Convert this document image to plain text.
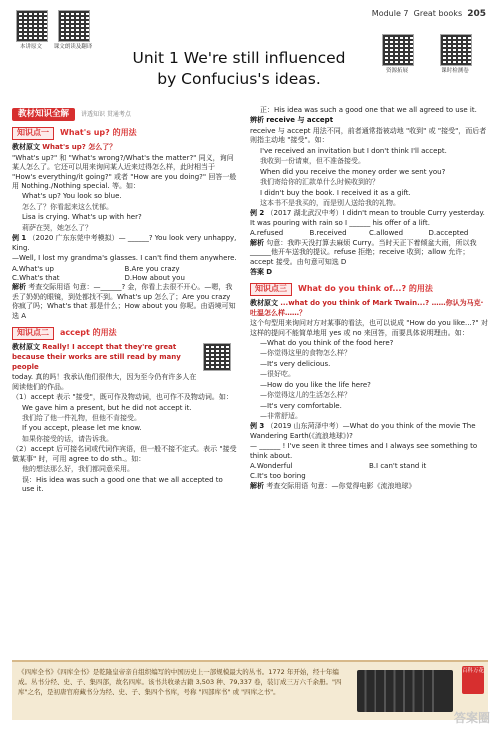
本讲原文	课文朗读及翻译
Module 7 Great books 205
资源拓展	课时检测卷
Unit 1 We're still influenced
by Confucius's ideas.
教材知识全解	讲透知识 贯通考点
知识点一	What's up? 的用法

教材原文 What's up? 怎么了？

"What's up?" 和 "What's wrong?/What's the matter?" 同义，询问某人怎么了。它还可以用来询问某人近来过得怎么样，此时相当于 "How's everything/it going?" 或者 "How are you doing?" 回答一般用 Nothing./Nothing special. 等。如：

What's up? You look so blue.

怎么了？你看起来这么忧郁。

Lisa is crying. What's up with her?

莉萨在哭，她怎么了？

例 1 （2020 广东东莞中考模拟）— ______? You look very unhappy, King.

—Well, I lost my grandma's glasses. I can't find them anywhere.

A.What's up	B.Are you crazy
C.What's that	D.How about you

解析 考查交际用语 句意：—______? 金，你看上去很不开心。—嗯，我丢了奶奶的眼镜，到处都找不到。What's up 怎么了；Are you crazy 你疯了吗；What's that 那是什么；How about you 你呢。由语境可知选 A

知识点二	accept 的用法

教材原文 Really! I accept that they're great

because their works are still read by many people

today. 真的吗！我承认他们很伟大，因为至今仍有许多人在阅读他们的作品。

（1）accept 表示 "接受"，既可作及物动词，也可作不及物动词。如：

We gave him a present, but he did not accept it.

我们给了他一件礼物，但他不肯接受。

If you accept, please let me know.

如果你接受的话，请告诉我。

（2）accept 后可接名词或代词作宾语，但一般不接不定式。表示 "接受做某事" 时，可用 agree to do sth.。如：

他的想法那么好，我们都同意采用。

误：His idea was such a good one that we all accepted to use it.

正：His idea was such a good one that we all agreed to use it.

辨析 receive 与 accept

receive 与 accept 用法不同，前者通常指被动地 "收到" 或 "接受"，而后者则指主动地 "接受"。如：

I've received an invitation but I don't think I'll accept.

我收到一份请柬，但不准备接受。

When did you receive the money order we sent you?

我们寄给你的汇款单什么时候收到的？

I didn't buy the book. I received it as a gift.

这本书不是我买的，而是别人送给我的礼物。

例 2 （2017 湖北武汉中考）I didn't mean to trouble Curry yesterday. It was pouring with rain so I ______ his offer of a lift.

A.refused	B.received	C.allowed	D.accepted

解析 句意：我昨天没打算去麻烦 Curry。当时天正下着倾盆大雨，所以我______他开车送我的提议。refuse 拒绝；receive 收到；allow 允许；accept 接受。由句意可知选 D

答案 D

知识点三	What do you think of...? 的用法

教材原文 ...what do you think of Mark Twain...? ……你认为马克·吐温怎么样……？

这个句型用来询问对方对某事的看法，也可以说成 "How do you like...?" 对这样的提问不能简单地用 yes 或 no 来回答，而要具体说明理由。如：

—What do you think of the food here?

—你觉得这里的食物怎么样？

—It's very delicious.

—很好吃。

—How do you like the life here?

—你觉得这儿的生活怎么样？

—It's very comfortable.

—非常舒适。

例 3 （2019 山东菏泽中考）—What do you think of the movie The Wandering Earth(《流浪地球》)?

— ______ ! I've seen it three times and I always see something to think about.

A.Wonderful	B.I can't stand it

C.It's too boring

解析 考查交际用语 句意：—你觉得电影《流浪地球》

《四库全书》《四库全书》是乾隆皇帝亲自组织编写的中国历史上一部规模最大的丛书。1772 年开始，经十年编成。丛书分经、史、子、集四部，故名四库。该书共收录古籍 3,503 种、79,337 卷，装订成三万六千余册。"四库"之名，是初唐官府藏书分为经、史、子、集四个书库，号称 "四部库书" 或 "四库之书"。
百科万花
答案圈
